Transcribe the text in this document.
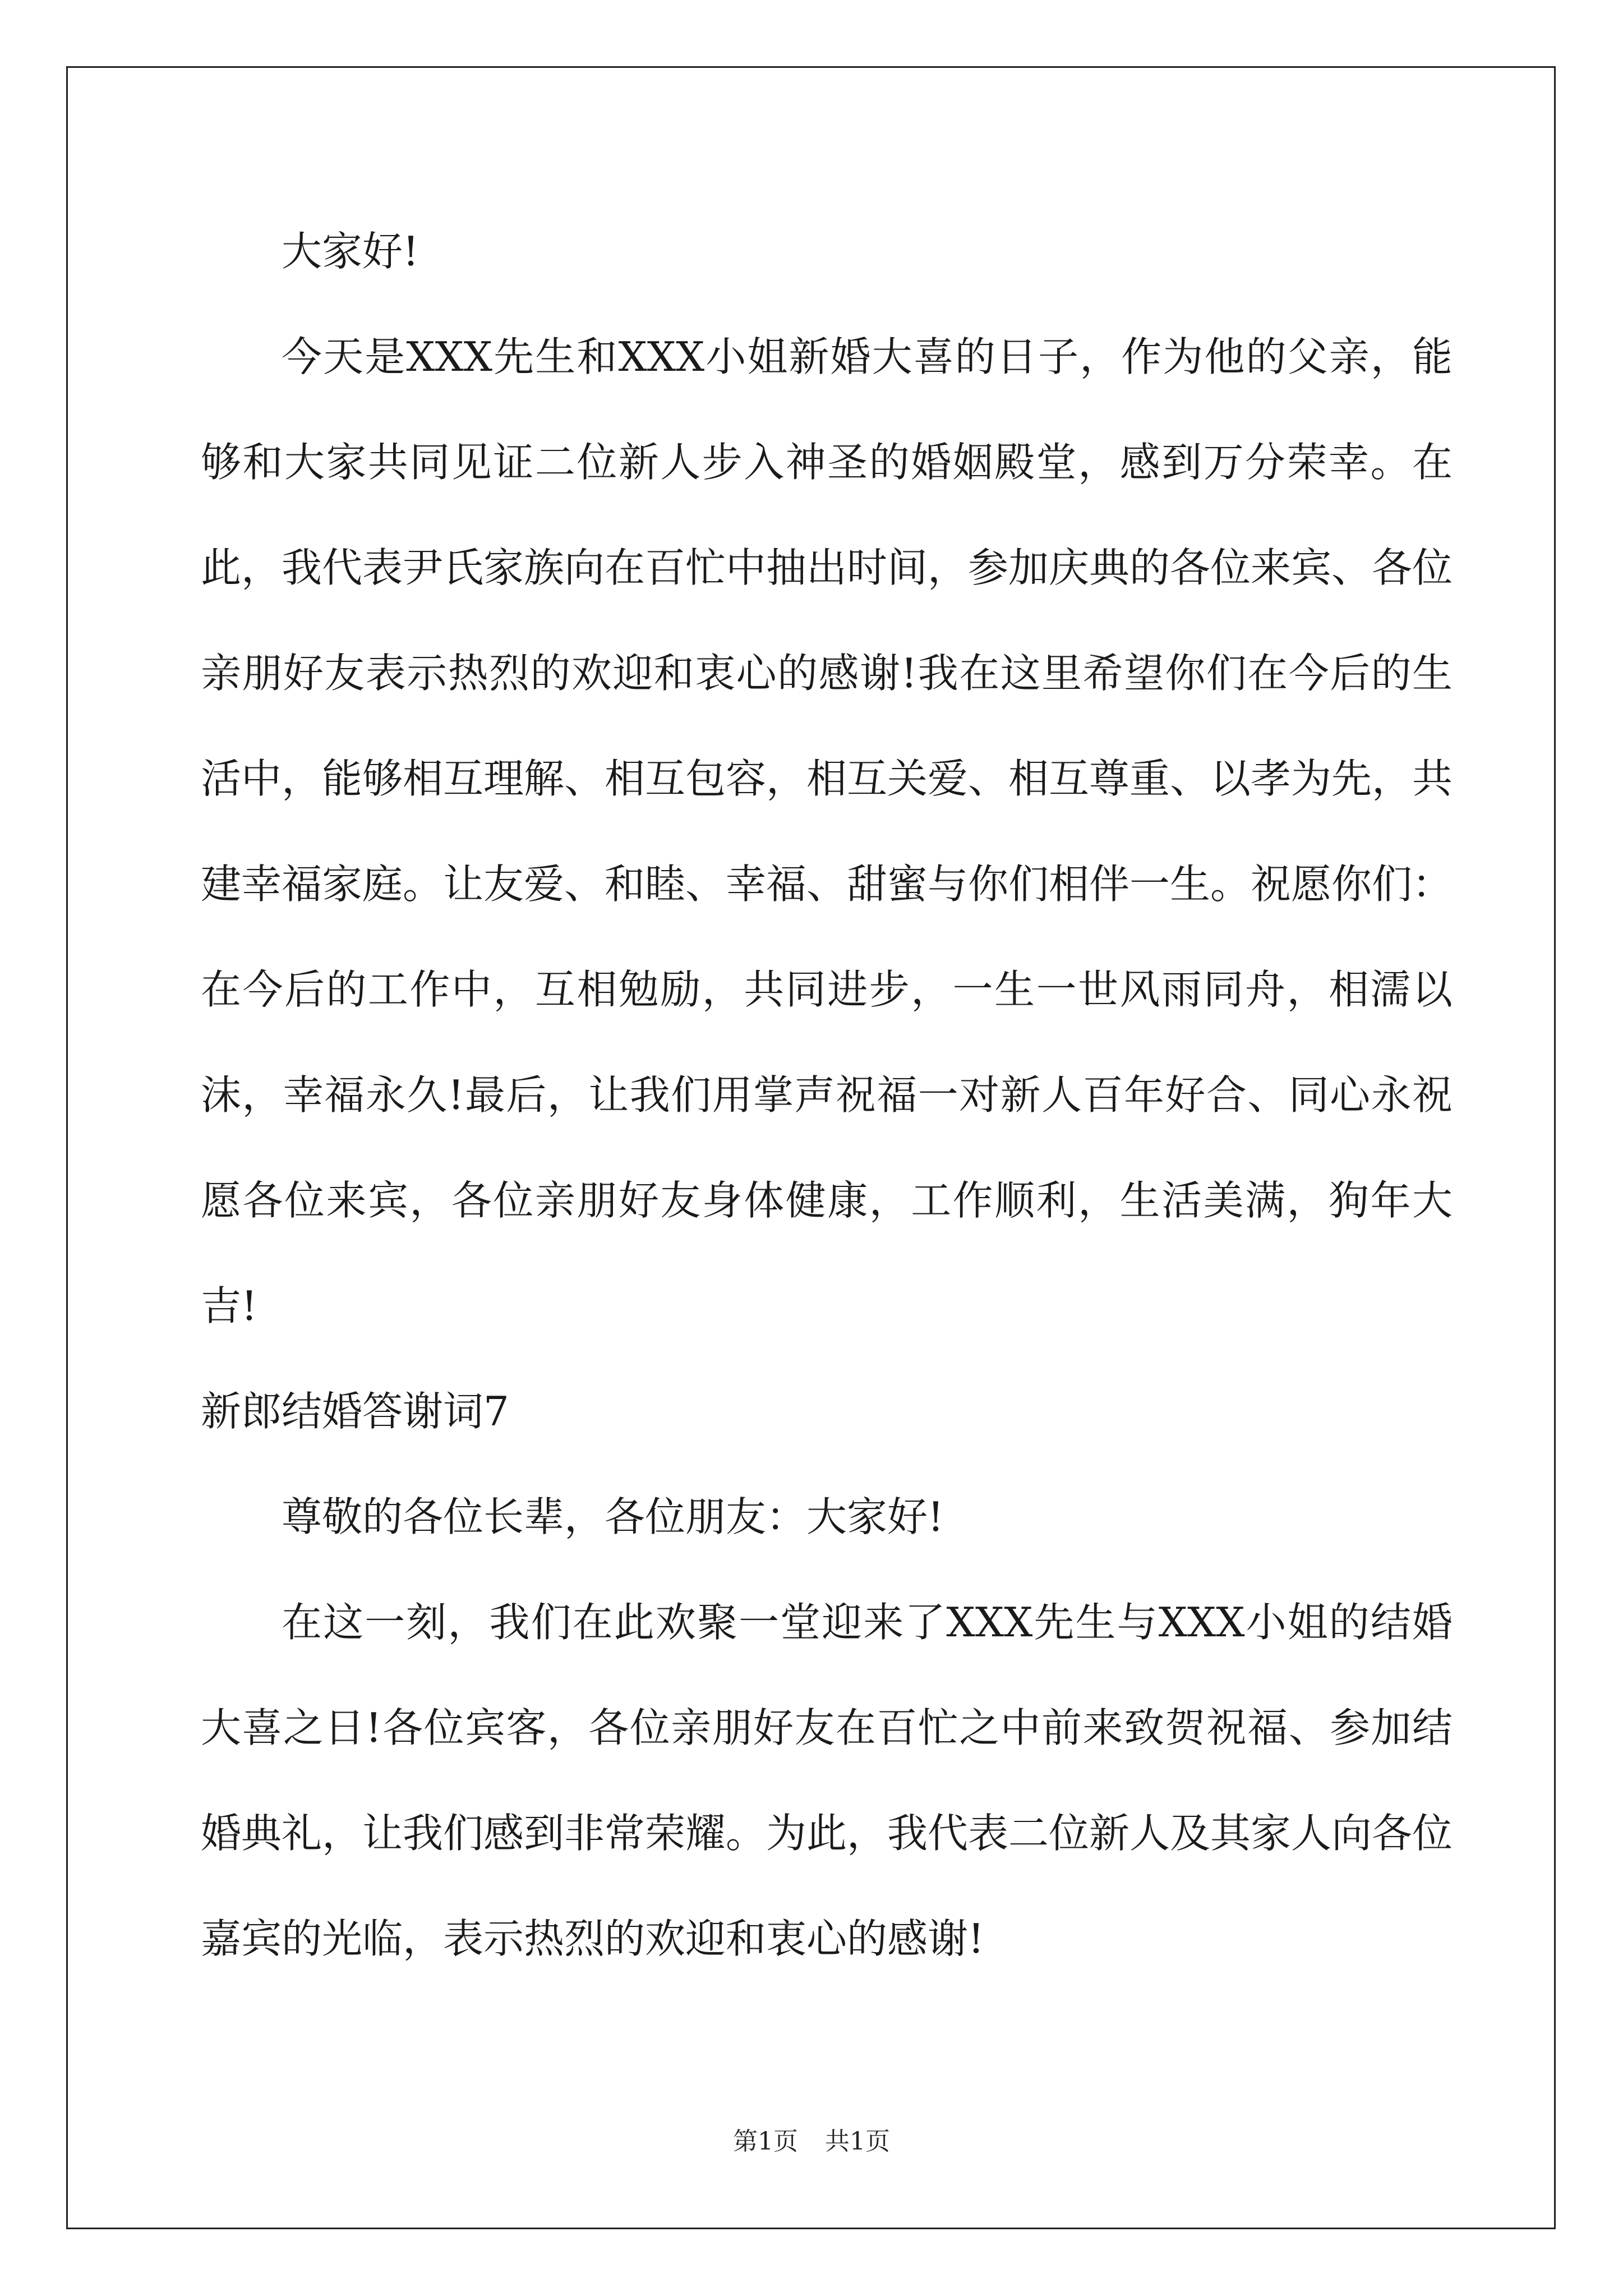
大家好!

今天是XXX先生和XXX小姐新婚大喜的日子，作为他的父亲，能够和大家共同见证二位新人步入神圣的婚姻殿堂，感到万分荣幸。在此，我代表尹氏家族向在百忙中抽出时间，参加庆典的各位来宾、各位亲朋好友表示热烈的欢迎和衷心的感谢!我在这里希望你们在今后的生活中，能够相互理解、相互包容，相互关爱、相互尊重、以孝为先，共建幸福家庭。让友爱、和睦、幸福、甜蜜与你们相伴一生。祝愿你们：在今后的工作中，互相勉励，共同进步，一生一世风雨同舟，相濡以沫，幸福永久!最后，让我们用掌声祝福一对新人百年好合、同心永祝愿各位来宾，各位亲朋好友身体健康，工作顺利，生活美满，狗年大吉!

新郎结婚答谢词7

尊敬的各位长辈，各位朋友：大家好!

在这一刻，我们在此欢聚一堂迎来了XXX先生与XXX小姐的结婚大喜之日!各位宾客，各位亲朋好友在百忙之中前来致贺祝福、参加结婚典礼，让我们感到非常荣耀。为此，我代表二位新人及其家人向各位嘉宾的光临，表示热烈的欢迎和衷心的感谢!

第1页 共1页
